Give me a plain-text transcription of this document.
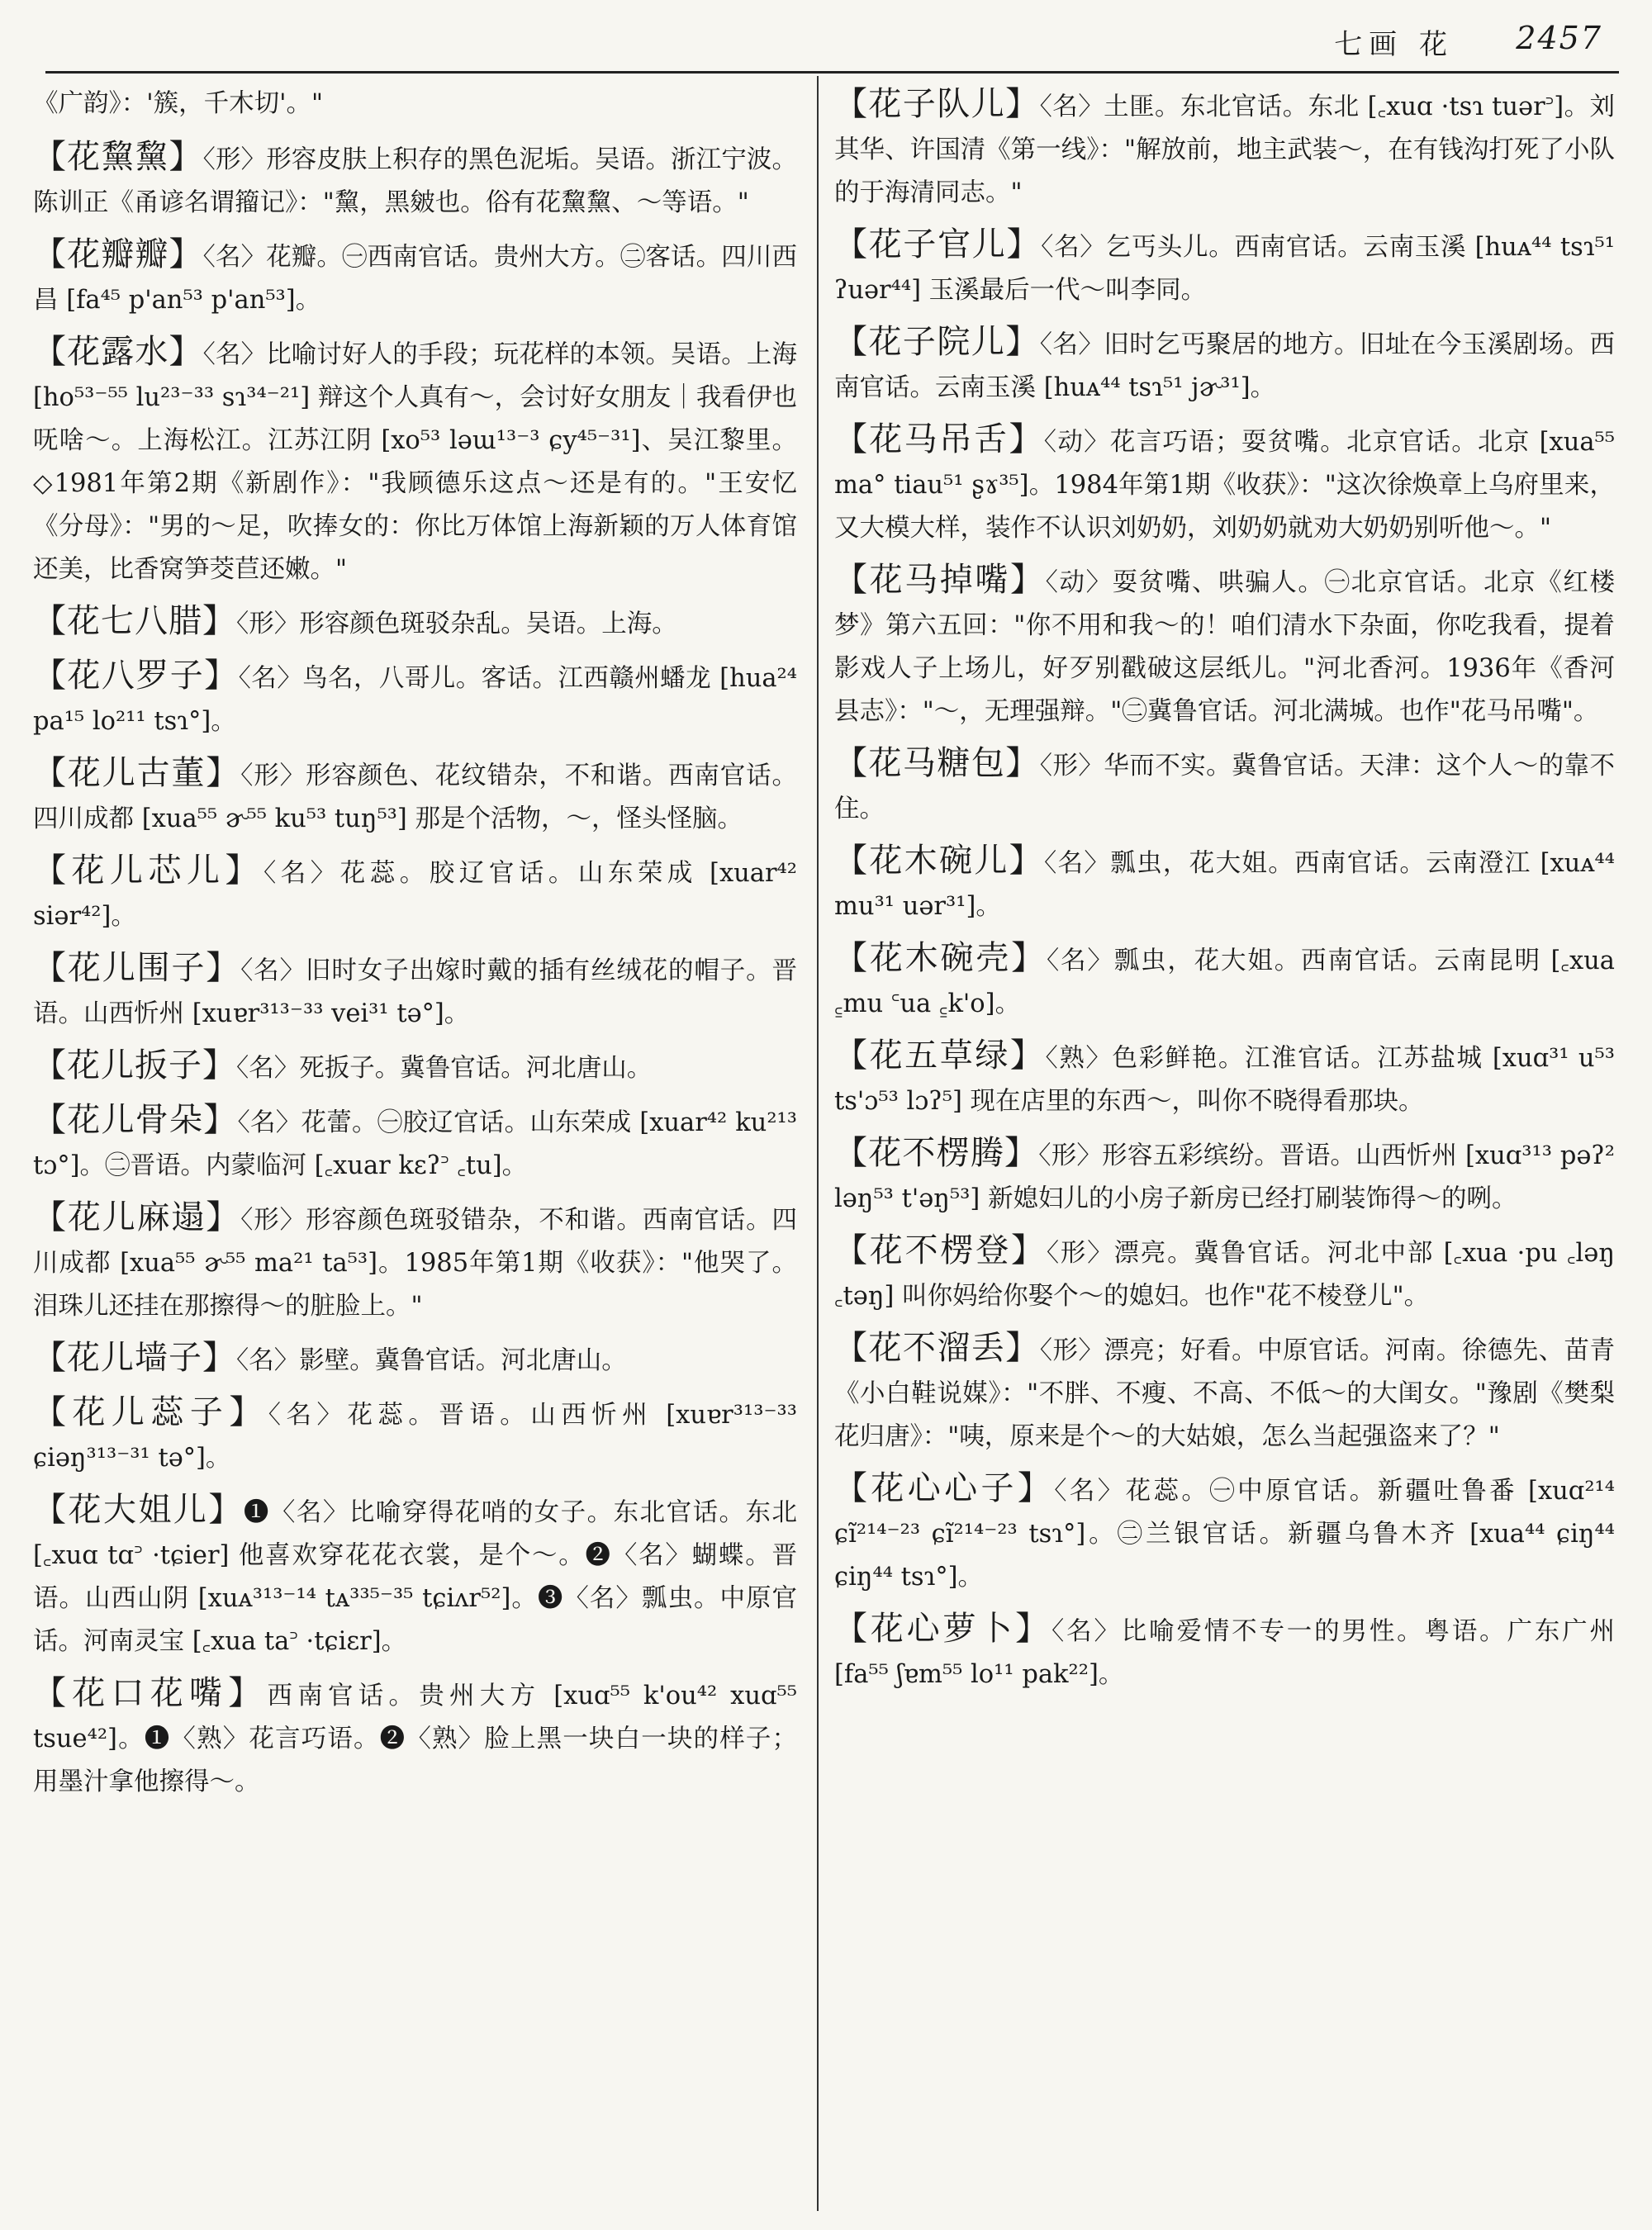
七画 花 2457
《广韵》：'簇，千木切'。"
【花黧黧】〈形〉形容皮肤上积存的黑色泥垢。吴语。浙江宁波。陈训正《甬谚名谓籀记》："黧，黑皴也。俗有花黧黧、～等语。"
【花瓣瓣】〈名〉花瓣。㊀西南官话。贵州大方。㊁客话。四川西昌 [fa⁴⁵ p'an⁵³ p'an⁵³]。
【花露水】〈名〉比喻讨好人的手段；玩花样的本领。吴语。上海 [ho⁵³⁻⁵⁵ lu²³⁻³³ sɿ³⁴⁻²¹] 辩这个人真有～，会讨好女朋友｜我看伊也呒啥～。上海松江。江苏江阴 [xo⁵³ ləɯ¹³⁻³ ɕy⁴⁵⁻³¹]、吴江黎里。◇1981年第2期《新剧作》："我顾德乐这点～还是有的。"王安忆《分母》："男的～足，吹捧女的：你比万体馆上海新颖的万人体育馆还美，比香窝笋茭苣还嫩。"
【花七八腊】〈形〉形容颜色斑驳杂乱。吴语。上海。
【花八罗子】〈名〉鸟名，八哥儿。客话。江西赣州蟠龙 [hua²⁴ pa¹⁵ lo²¹¹ tsɿ°]。
【花儿古董】〈形〉形容颜色、花纹错杂，不和谐。西南官话。四川成都 [xua⁵⁵ ɚ⁵⁵ ku⁵³ tuŋ⁵³] 那是个活物，～，怪头怪脑。
【花儿芯儿】〈名〉花蕊。胶辽官话。山东荣成 [xuar⁴² siər⁴²]。
【花儿围子】〈名〉旧时女子出嫁时戴的插有丝绒花的帽子。晋语。山西忻州 [xuɐr³¹³⁻³³ vei³¹ tə°]。
【花儿扳子】〈名〉死扳子。冀鲁官话。河北唐山。
【花儿骨朵】〈名〉花蕾。㊀胶辽官话。山东荣成 [xuar⁴² ku²¹³ tɔ°]。㊁晋语。内蒙临河 [꜀xuar kɛʔ꜄ ꜀tu]。
【花儿麻遢】〈形〉形容颜色斑驳错杂，不和谐。西南官话。四川成都 [xua⁵⁵ ɚ⁵⁵ ma²¹ ta⁵³]。1985年第1期《收获》："他哭了。泪珠儿还挂在那擦得～的脏脸上。"
【花儿墙子】〈名〉影壁。冀鲁官话。河北唐山。
【花儿蕊子】〈名〉花蕊。晋语。山西忻州 [xuɐr³¹³⁻³³ ɕiəŋ³¹³⁻³¹ tə°]。
【花大姐儿】❶〈名〉比喻穿得花哨的女子。东北官话。东北 [꜀xuɑ tɑ꜄ ·tɕier] 他喜欢穿花花衣裳，是个～。❷〈名〉蝴蝶。晋语。山西山阴 [xuᴀ³¹³⁻¹⁴ tᴀ³³⁵⁻³⁵ tɕiʌr⁵²]。❸〈名〉瓢虫。中原官话。河南灵宝 [꜀xua ta꜄ ·tɕiɛr]。
【花口花嘴】西南官话。贵州大方 [xuɑ⁵⁵ k'ou⁴² xuɑ⁵⁵ tsue⁴²]。❶〈熟〉花言巧语。❷〈熟〉脸上黑一块白一块的样子；用墨汁拿他擦得～。
【花子队儿】〈名〉土匪。东北官话。东北 [꜀xuɑ ·tsɿ tuər꜄]。刘其华、许国清《第一线》："解放前，地主武装～，在有钱沟打死了小队的于海清同志。"
【花子官儿】〈名〉乞丐头儿。西南官话。云南玉溪 [huᴀ⁴⁴ tsɿ⁵¹ ʔuər⁴⁴] 玉溪最后一代～叫李同。
【花子院儿】〈名〉旧时乞丐聚居的地方。旧址在今玉溪剧场。西南官话。云南玉溪 [huᴀ⁴⁴ tsɿ⁵¹ jɚ³¹]。
【花马吊舌】〈动〉花言巧语；耍贫嘴。北京官话。北京 [xua⁵⁵ ma° tiau⁵¹ ʂɤ³⁵]。1984年第1期《收获》："这次徐焕章上乌府里来，又大模大样，装作不认识刘奶奶，刘奶奶就劝大奶奶别听他～。"
【花马掉嘴】〈动〉耍贫嘴、哄骗人。㊀北京官话。北京《红楼梦》第六五回："你不用和我～的！咱们清水下杂面，你吃我看，提着影戏人子上场儿，好歹别戳破这层纸儿。"河北香河。1936年《香河县志》："～，无理强辩。"㊁冀鲁官话。河北满城。也作"花马吊嘴"。
【花马糖包】〈形〉华而不实。冀鲁官话。天津：这个人～的靠不住。
【花木碗儿】〈名〉瓢虫，花大姐。西南官话。云南澄江 [xuᴀ⁴⁴ mu³¹ uər³¹]。
【花木碗壳】〈名〉瓢虫，花大姐。西南官话。云南昆明 [꜀xua ꜁mu ꜂ua ꜁k'o]。
【花五草绿】〈熟〉色彩鲜艳。江淮官话。江苏盐城 [xuɑ³¹ u⁵³ ts'ɔ⁵³ lɔʔ⁵] 现在店里的东西～，叫你不晓得看那块。
【花不楞腾】〈形〉形容五彩缤纷。晋语。山西忻州 [xuɑ³¹³ pəʔ² ləŋ⁵³ t'əŋ⁵³] 新媳妇儿的小房子新房已经打刷装饰得～的咧。
【花不楞登】〈形〉漂亮。冀鲁官话。河北中部 [꜀xua ·pu ꜀ləŋ ꜀təŋ] 叫你妈给你娶个～的媳妇。也作"花不棱登儿"。
【花不溜丢】〈形〉漂亮；好看。中原官话。河南。徐德先、苗青《小白鞋说媒》："不胖、不瘦、不高、不低～的大闺女。"豫剧《樊梨花归唐》："咦，原来是个～的大姑娘，怎么当起强盗来了？"
【花心心子】〈名〉花蕊。㊀中原官话。新疆吐鲁番 [xuɑ²¹⁴ ɕĩ²¹⁴⁻²³ ɕĩ²¹⁴⁻²³ tsɿ°]。㊁兰银官话。新疆乌鲁木齐 [xua⁴⁴ ɕiŋ⁴⁴ ɕiŋ⁴⁴ tsɿ°]。
【花心萝卜】〈名〉比喻爱情不专一的男性。粤语。广东广州 [fa⁵⁵ ʃɐm⁵⁵ lo¹¹ pak²²]。
